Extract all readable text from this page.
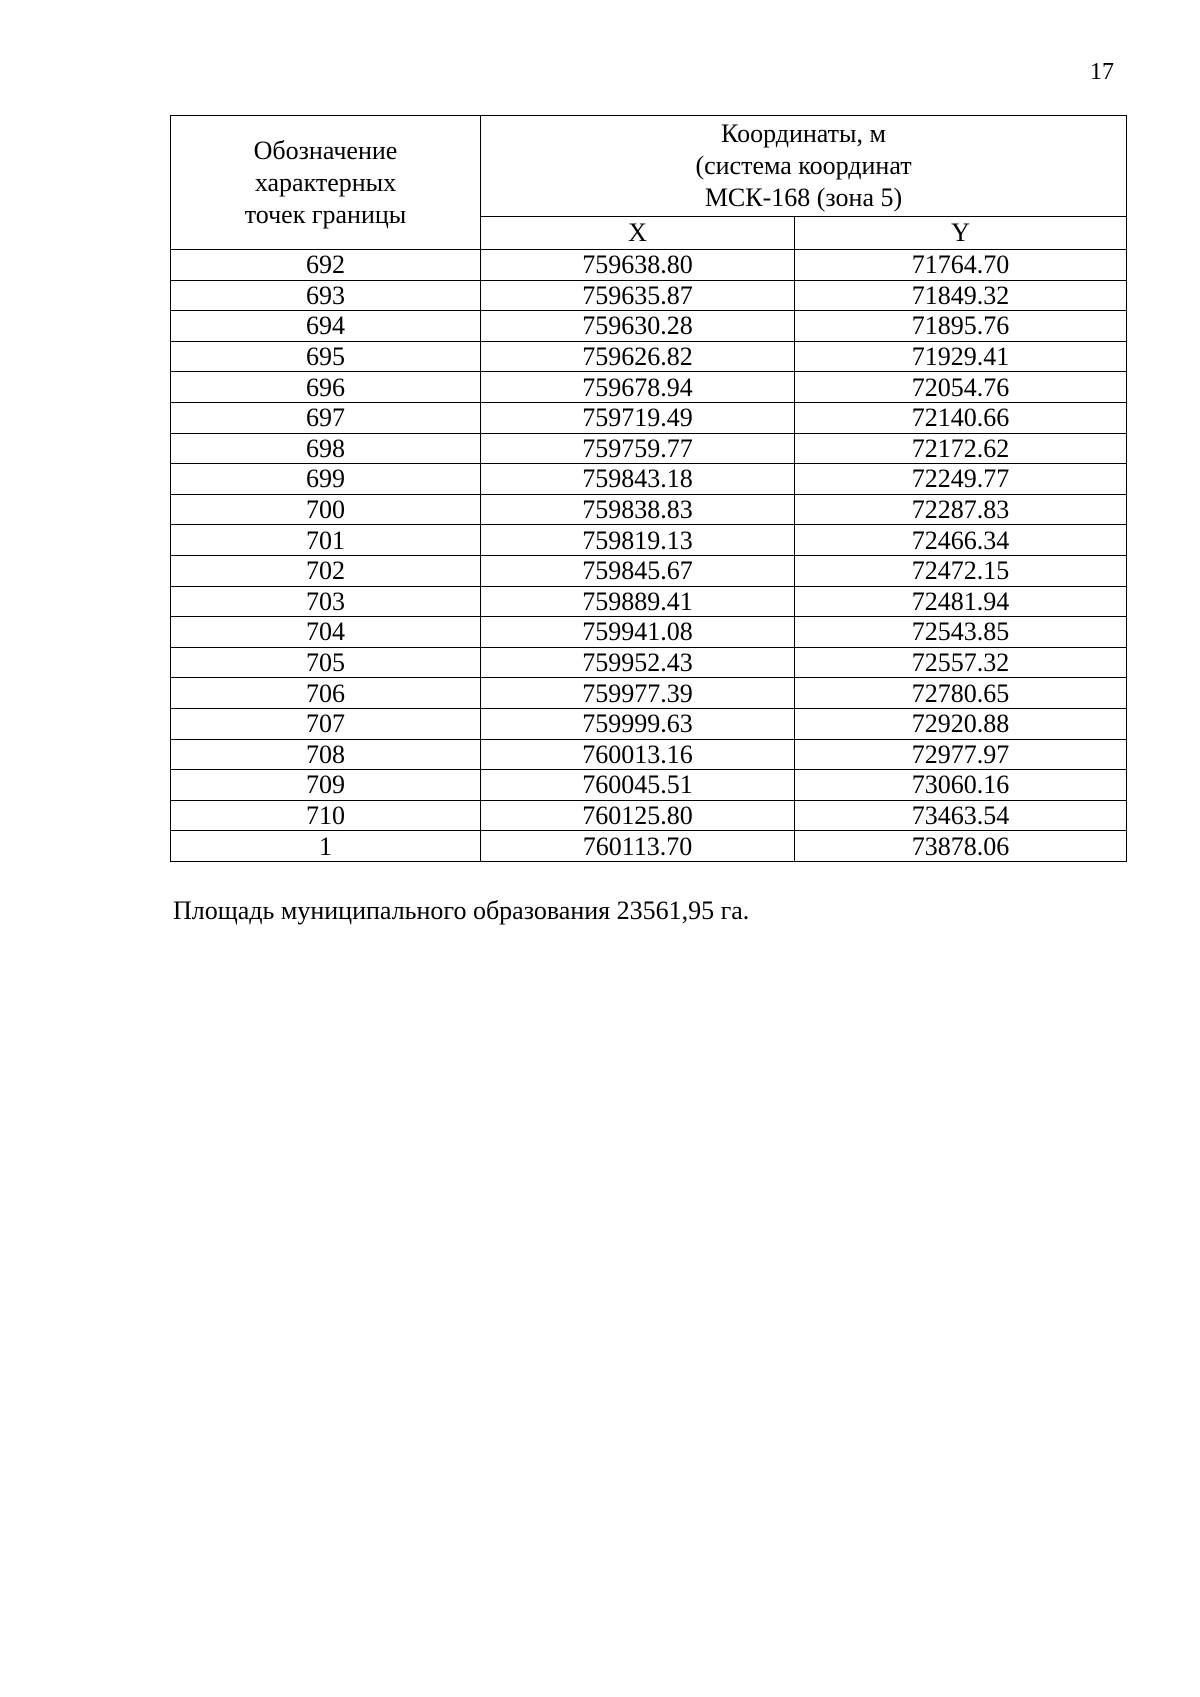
17
Обозначение
характерных
точек границы	Координаты, м
(система координат
МСК-168 (зона 5)	

	X	Y
692	759638.80	71764.70
693	759635.87	71849.32
694	759630.28	71895.76
695	759626.82	71929.41
696	759678.94	72054.76
697	759719.49	72140.66
698	759759.77	72172.62
699	759843.18	72249.77
700	759838.83	72287.83
701	759819.13	72466.34
702	759845.67	72472.15
703	759889.41	72481.94
704	759941.08	72543.85
705	759952.43	72557.32
706	759977.39	72780.65
707	759999.63	72920.88
708	760013.16	72977.97
709	760045.51	73060.16
710	760125.80	73463.54
1	760113.70	73878.06
Площадь муниципального образования 23561,95 га.
